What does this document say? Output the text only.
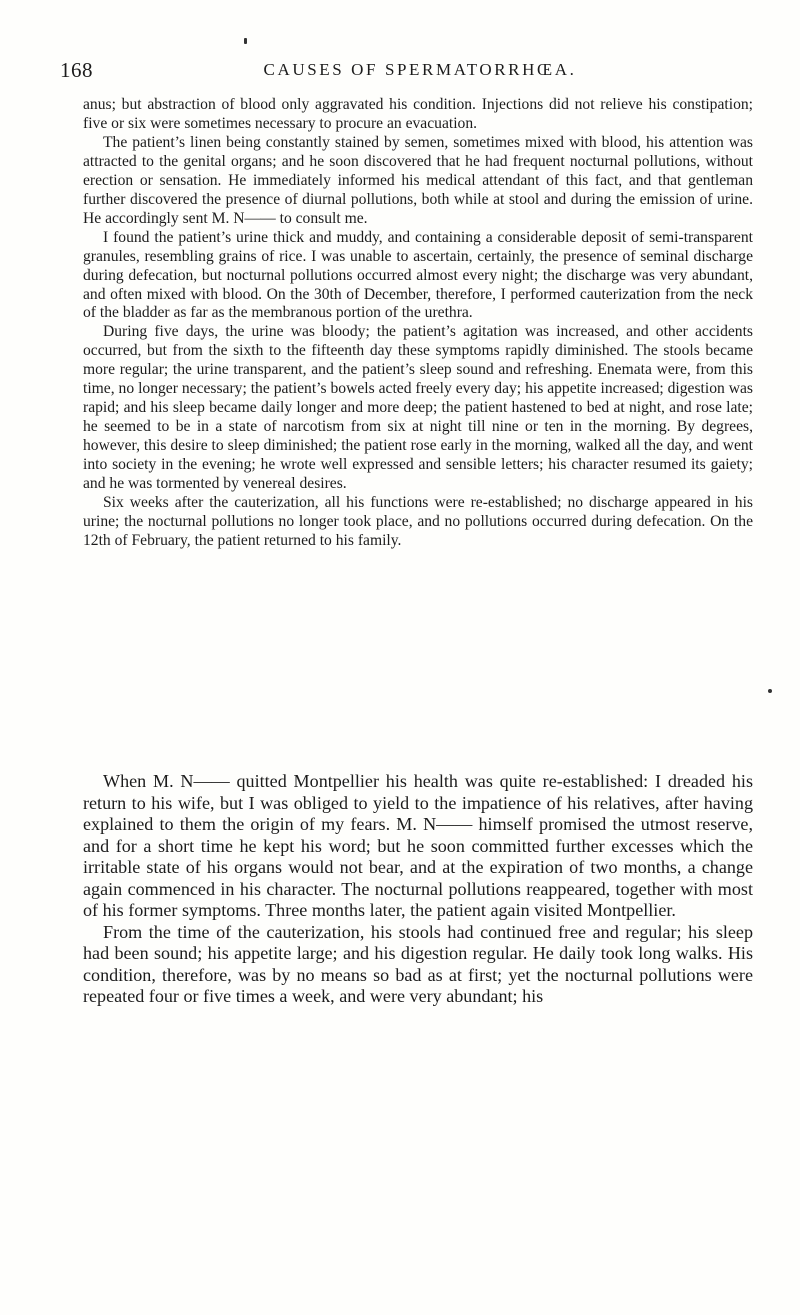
168	CAUSES OF SPERMATORRHŒA.

anus; but abstraction of blood only aggravated his condition. Injections did not relieve his constipation; five or six were sometimes necessary to procure an evacuation.

The patient’s linen being constantly stained by semen, sometimes mixed with blood, his attention was attracted to the genital organs; and he soon discovered that he had frequent nocturnal pollutions, without erection or sensation. He immediately informed his medical attendant of this fact, and that gentleman further discovered the presence of diurnal pollutions, both while at stool and during the emission of urine. He accordingly sent M. N—— to consult me.

I found the patient’s urine thick and muddy, and containing a considerable deposit of semi-transparent granules, resembling grains of rice. I was unable to ascertain, certainly, the presence of seminal discharge during defecation, but nocturnal pollutions occurred almost every night; the discharge was very abundant, and often mixed with blood. On the 30th of December, therefore, I performed cauterization from the neck of the bladder as far as the membranous portion of the urethra.

During five days, the urine was bloody; the patient’s agitation was increased, and other accidents occurred, but from the sixth to the fifteenth day these symptoms rapidly diminished. The stools became more regular; the urine transparent, and the patient’s sleep sound and refreshing. Enemata were, from this time, no longer necessary; the patient’s bowels acted freely every day; his appetite increased; digestion was rapid; and his sleep became daily longer and more deep; the patient hastened to bed at night, and rose late; he seemed to be in a state of narcotism from six at night till nine or ten in the morning. By degrees, however, this desire to sleep diminished; the patient rose early in the morning, walked all the day, and went into society in the evening; he wrote well expressed and sensible letters; his character resumed its gaiety; and he was tormented by venereal desires.

Six weeks after the cauterization, all his functions were re-established; no discharge appeared in his urine; the nocturnal pollutions no longer took place, and no pollutions occurred during defecation. On the 12th of February, the patient returned to his family.

When M. N—— quitted Montpellier his health was quite re-established: I dreaded his return to his wife, but I was obliged to yield to the impatience of his relatives, after having explained to them the origin of my fears. M. N—— himself promised the utmost reserve, and for a short time he kept his word; but he soon committed further excesses which the irritable state of his organs would not bear, and at the expiration of two months, a change again commenced in his character. The nocturnal pollutions reappeared, together with most of his former symptoms. Three months later, the patient again visited Montpellier.

From the time of the cauterization, his stools had continued free and regular; his sleep had been sound; his appetite large; and his digestion regular. He daily took long walks. His condition, therefore, was by no means so bad as at first; yet the nocturnal pollutions were repeated four or five times a week, and were very abundant; his
